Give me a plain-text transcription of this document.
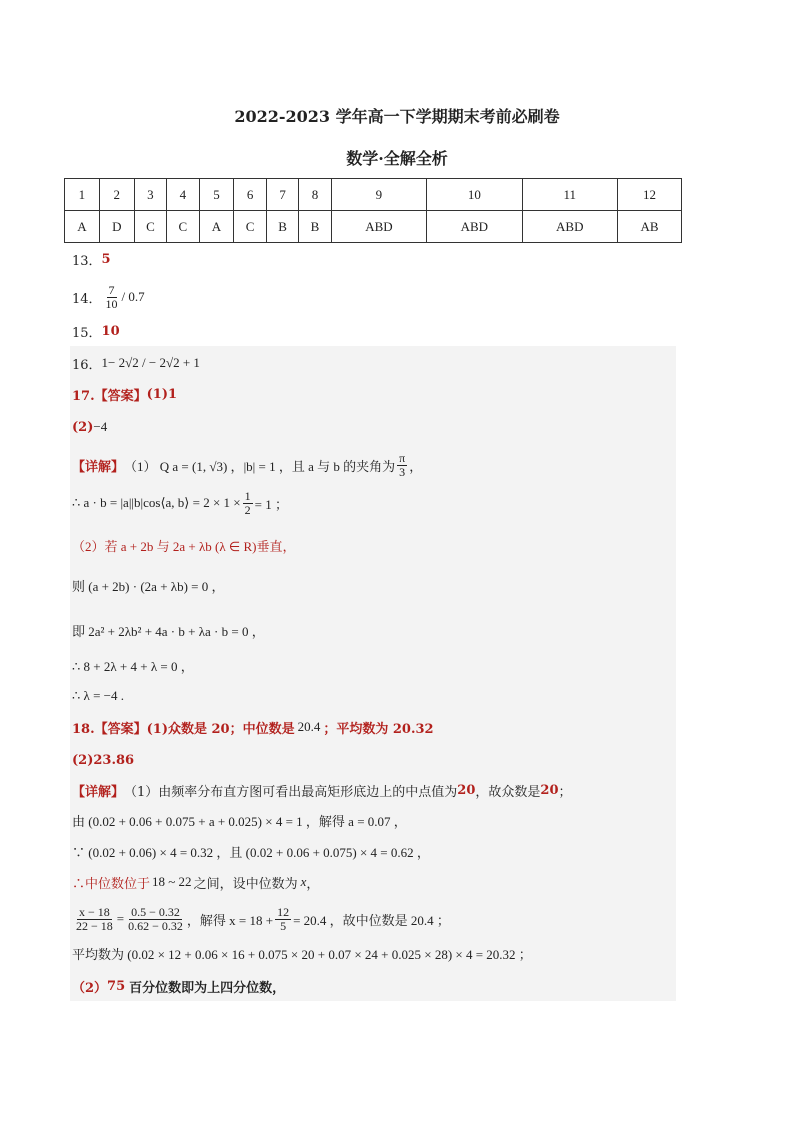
2022-2023 学年高一下学期期末考前必刷卷
数学·全解全析
1	2	3	4	5	6	7	8	9	10	11	12
A	D	C	C	A	C	B	B	ABD	ABD	ABD	AB
13． 5
14． $\frac{7}{10} / 0.7$
15． 10
16． 1− 2√2 / − 2√2 + 1
17.【答案】 (1)1
(2) −4
【详解】 （1） Q a = (1, √3) ， |b| = 1 ，且 a 与 b 的夹角为 $\frac{\pi}{3}$ ，
∴ a · b = |a||b|cos⟨a, b⟩ = $2 \times 1 \times \frac{1}{2} = 1$ ；
（2）若 a + 2b 与 2a + λb (λ ∈ R) 垂直，
则 (a + 2b) · (2a + λb) = 0 ，
即 2a² + 2λb² + 4a · b + λa · b = 0 ，
∴ 8 + 2λ + 4 + λ = 0 ，
∴ λ = −4 .
18.【答案】 (1)众数是 20；中位数是 20.4 ；平均数为 20.32
(2)23.86
【详解】 （1）由频率分布直方图可看出最高矩形底边上的中点值为 20 ，故众数是 20 ；
由 (0.02 + 0.06 + 0.075 + a + 0.025) × 4 = 1 ，解得 a = 0.07 ，
∵ (0.02 + 0.06) × 4 = 0.32 ，且 (0.02 + 0.06 + 0.075) × 4 = 0.62 ，
∴中位数位于 18 ~ 22 之间，设中位数为 x ，
$\frac{x - 18}{22 - 18} = \frac{0.5 - 0.32}{0.62 - 0.32}$ ，解得 $x = 18 + \frac{12}{5} = 20.4$ ，故中位数是 20.4 ；
平均数为 (0.02 × 12 + 0.06 × 16 + 0.075 × 20 + 0.07 × 24 + 0.025 × 28) × 4 = 20.32 ；
（2） 75 百分位数即为上四分位数，
